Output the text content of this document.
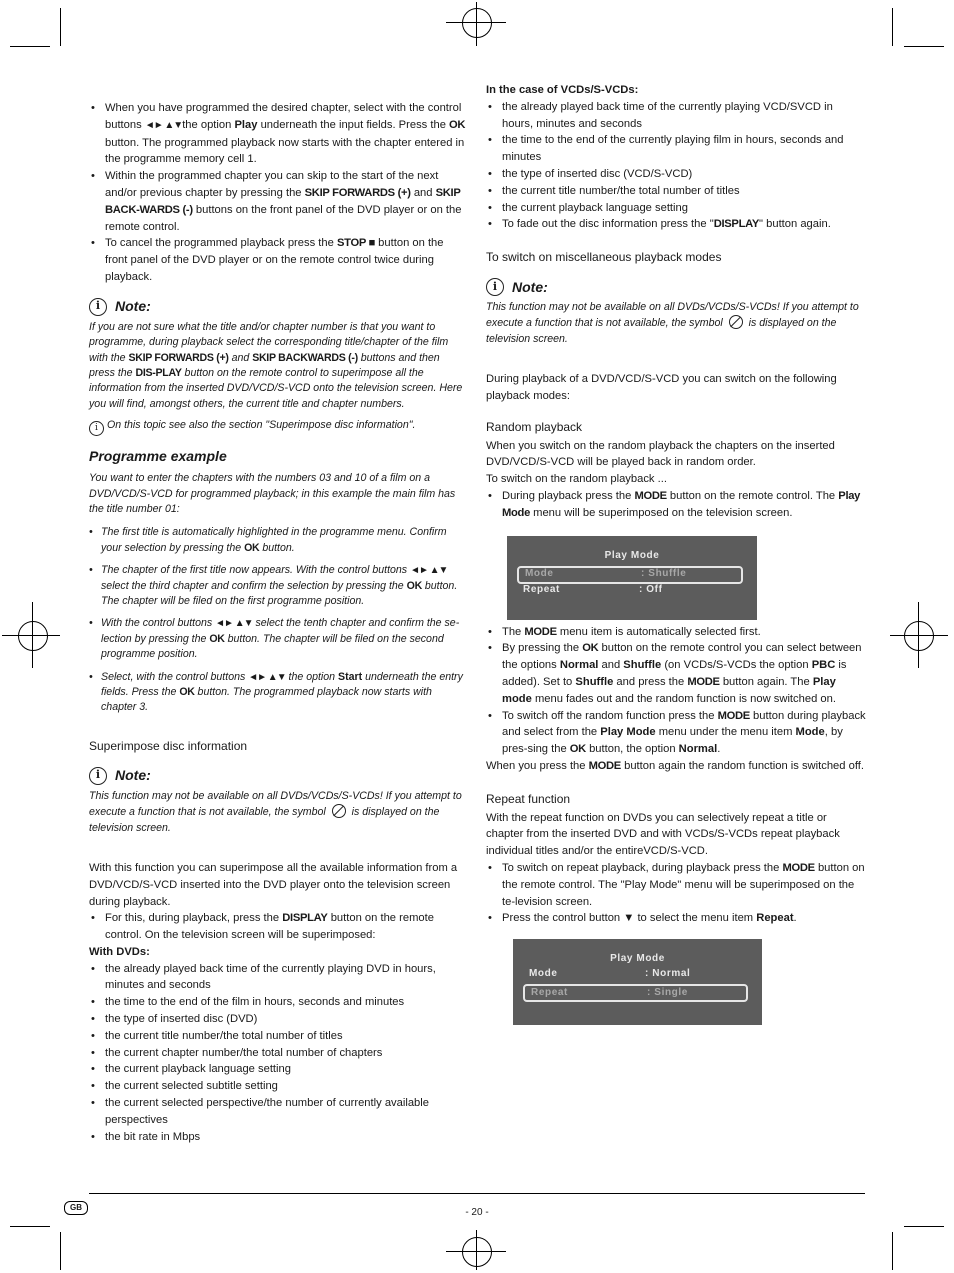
• When you have programmed the desired chapter, select with the control buttons ◄► ▲▼the option Play underneath the input fields. Press the OK button. The programmed playback now starts with the chapter entered in the programme memory cell 1.
• Within the programmed chapter you can skip to the start of the next and/or previous chapter by pressing the SKIP FORWARDS (+) and SKIP BACK-WARDS (-) buttons on the front panel of the DVD player or on the remote control.
• To cancel the programmed playback press the STOP ■ button on the front panel of the DVD player or on the remote control twice during playback.
i	Note:

If you are not sure what the title and/or chapter number is that you want to programme, during playback select the corresponding title/chapter of the film with the SKIP FORWARDS (+) and SKIP BACKWARDS (-) buttons and then press the DIS-PLAY button on the remote control to superimpose all the information from the inserted DVD/VCD/S-VCD onto the television screen. Here you will find, amongst others, the current title and chapter numbers.

i On this topic see also the section "Superimpose disc information".

Programme example

You want to enter the chapters with the numbers 03 and 10 of a film on a DVD/VCD/S-VCD for programmed playback; in this example the main film has the title number 01:

• The first title is automatically highlighted in the programme menu. Confirm your selection by pressing the OK button.
• The chapter of the first title now appears. With the control buttons ◄► ▲▼ select the third chapter and confirm the selection by pressing the OK button. The chapter will be filed on the first programme position.
• With the control buttons ◄► ▲▼ select the tenth chapter and confirm the se-lection by pressing the OK button. The chapter will be filed on the second programme position.
• Select, with the control buttons ◄► ▲▼ the option Start underneath the entry fields. Press the OK button. The programmed playback now starts with chapter 3.

Superimpose disc information

i	Note:

This function may not be available on all DVDs/VCDs/S-VCDs! If you attempt to execute a function that is not available, the symbol  is displayed on the television screen.

With this function you can superimpose all the available information from a DVD/VCD/S-VCD inserted into the DVD player onto the television screen during playback.

• For this, during playback, press the DISPLAY button on the remote control. On the television screen will be superimposed:

With DVDs:

• the already played back time of the currently playing DVD in hours, minutes and seconds
• the time to the end of the film in hours, seconds and minutes
• the type of inserted disc (DVD)
• the current title number/the total number of titles
• the current chapter number/the total number of chapters
• the current playback language setting
• the current selected subtitle setting
• the current selected perspective/the number of currently available perspectives
• the bit rate in Mbps

In the case of VCDs/S-VCDs:

• the already played back time of the currently playing VCD/SVCD in hours, minutes and seconds
• the time to the end of the currently playing film in hours, seconds and minutes
• the type of inserted disc (VCD/S-VCD)
• the current title number/the total number of titles
• the current playback language setting
• To fade out the disc information press the "DISPLAY" button again.

To switch on miscellaneous playback modes

i	Note:

This function may not be available on all DVDs/VCDs/S-VCDs! If you attempt to execute a function that is not available, the symbol  is displayed on the television screen.

During playback of a DVD/VCD/S-VCD you can switch on the following playback modes:

Random playback

When you switch on the random playback the chapters on the inserted DVD/VCD/S-VCD will be played back in random order.

To switch on the random playback ...

• During playback press the MODE button on the remote control. The Play Mode menu will be superimposed on the television screen.
Play Mode
Mode	: Shuffle
Repeat	: Off
• The MODE menu item is automatically selected first.
• By pressing the OK button on the remote control you can select between the options Normal and Shuffle (on VCDs/S-VCDs the option PBC is added). Set to Shuffle and press the MODE button again. The Play mode menu fades out and the random function is now switched on.
• To switch off the random function press the MODE button during playback and select from the Play Mode menu under the menu item Mode, by pres-sing the OK button, the option Normal.

When you press the MODE button again the random function is switched off.

Repeat function

With the repeat function on DVDs you can selectively repeat a title or chapter from the inserted DVD and with VCDs/S-VCDs repeat playback individual titles and/or the entireVCD/S-VCD.

• To switch on repeat playback, during playback press the MODE button on the remote control. The "Play Mode" menu will be superimposed on the te-levision screen.
• Press the control button ▼ to select the menu item Repeat.
Play Mode
Mode	: Normal
Repeat	: Single
GB	- 20 -
